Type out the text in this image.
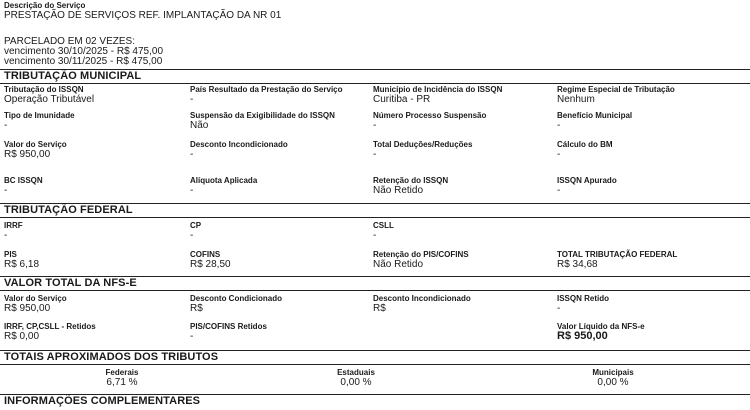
Descrição do Serviço
PRESTAÇÃO DE SERVIÇOS REF. IMPLANTAÇÃO DA NR 01
PARCELADO EM 02 VEZES:
vencimento 30/10/2025 - R$ 475,00
vencimento 30/11/2025 - R$ 475,00
TRIBUTAÇÃO MUNICIPAL
Tributação do ISSQN
Operação Tributável
País Resultado da Prestação do Serviço
-
Município de Incidência do ISSQN
Curitiba - PR
Regime Especial de Tributação
Nenhum
Tipo de Imunidade
-
Suspensão da Exigibilidade do ISSQN
Não
Número Processo Suspensão
-
Benefício Municipal
-
Valor do Serviço
R$ 950,00
Desconto Incondicionado
-
Total Deduções/Reduções
-
Cálculo do BM
-
BC ISSQN
-
Alíquota Aplicada
-
Retenção do ISSQN
Não Retido
ISSQN Apurado
-
TRIBUTAÇÃO FEDERAL
IRRF
-
CP
-
CSLL
-
PIS
R$ 6,18
COFINS
R$ 28,50
Retenção do PIS/COFINS
Não Retido
TOTAL TRIBUTAÇÃO FEDERAL
R$ 34,68
VALOR TOTAL DA NFS-E
Valor do Serviço
R$ 950,00
Desconto Condicionado
R$
Desconto Incondicionado
R$
ISSQN Retido
-
IRRF, CP,CSLL - Retidos
R$ 0,00
PIS/COFINS Retidos
-
Valor Líquido da NFS-e
R$ 950,00
TOTAIS APROXIMADOS DOS TRIBUTOS
Federais
6,71 %
Estaduais
0,00 %
Municipais
0,00 %
INFORMAÇÕES COMPLEMENTARES
